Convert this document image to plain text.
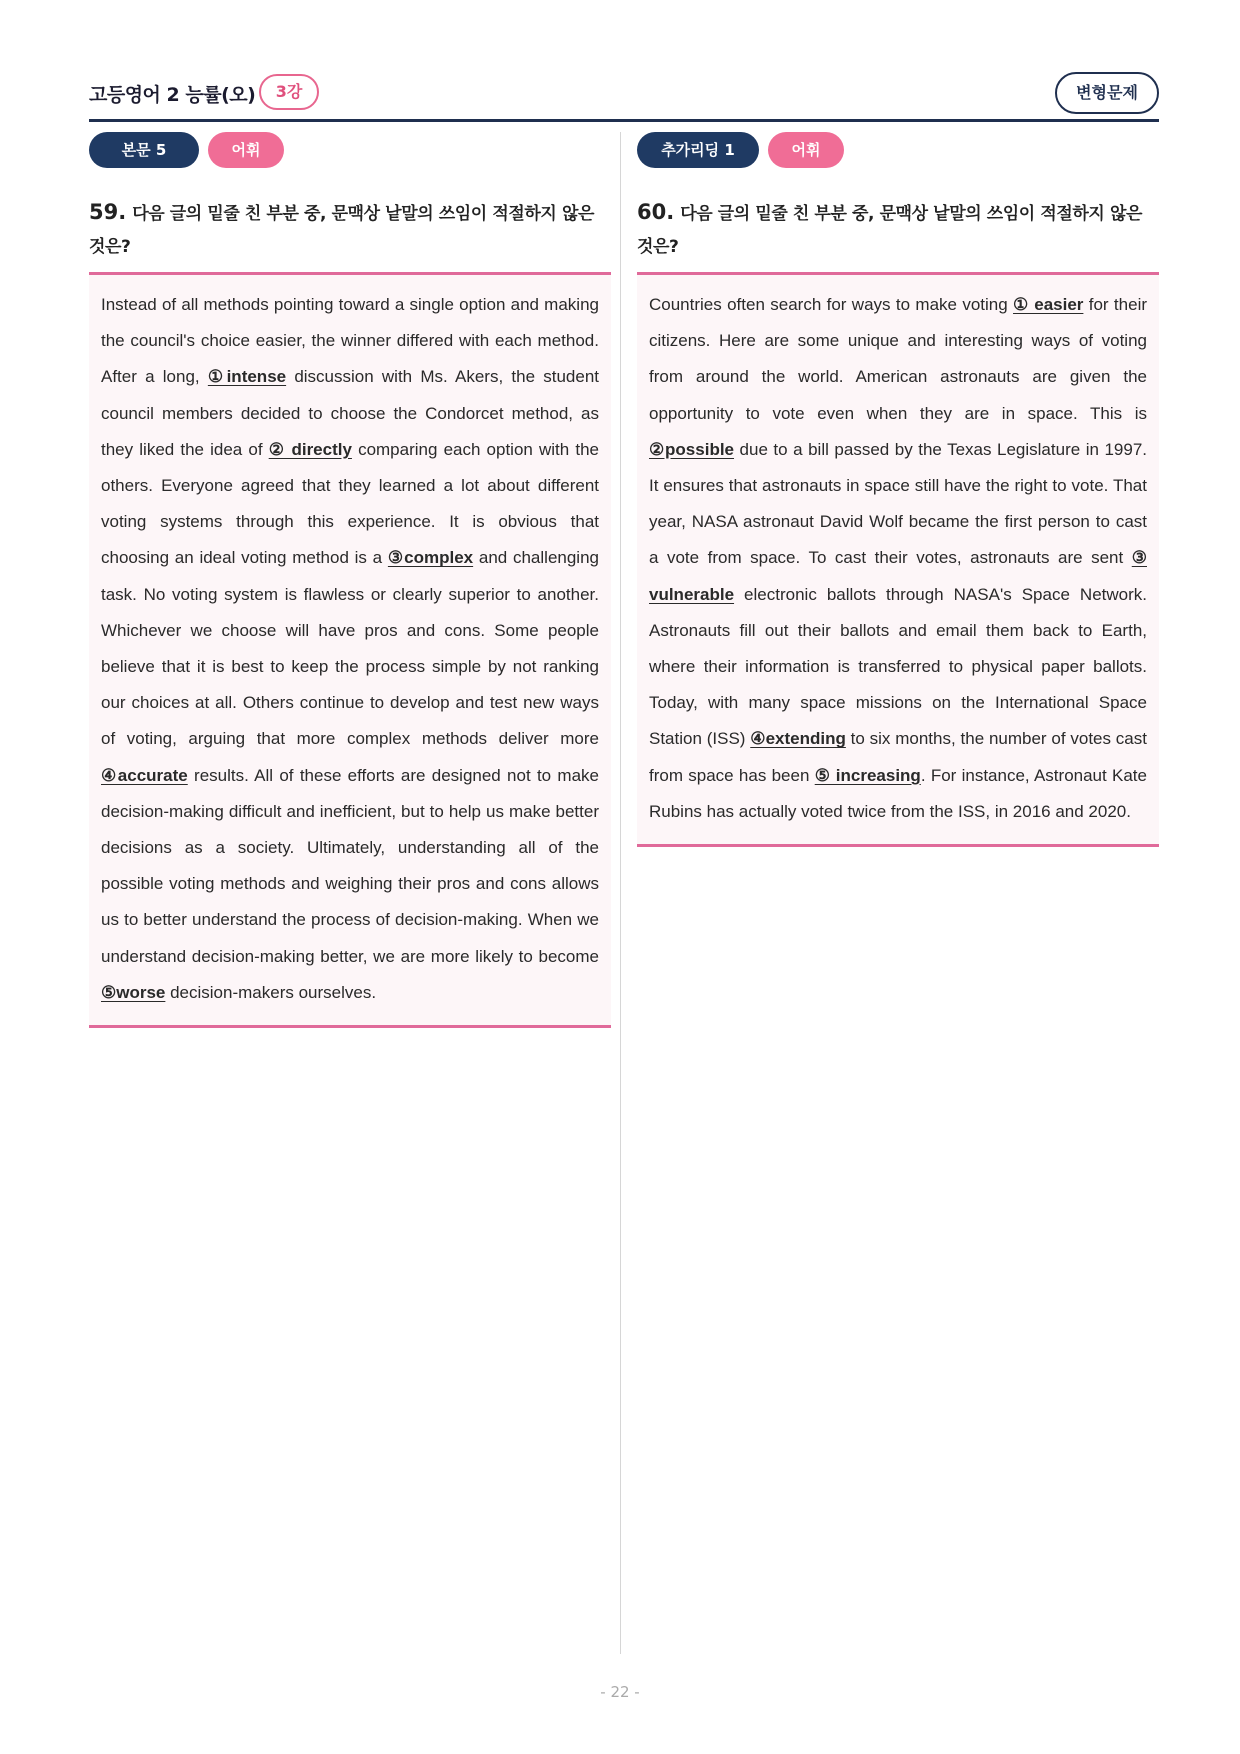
고등영어 2 능률(오)	3강	변형문제
본문 5	어휘
59. 다음 글의 밑줄 친 부분 중, 문맥상 낱말의 쓰임이 적절하지 않은 것은?

Instead of all methods pointing toward a single option and making the council's choice easier, the winner differed with each method. After a long, ①intense discussion with Ms. Akers, the student council members decided to choose the Condorcet method, as they liked the idea of ② directly comparing each option with the others. Everyone agreed that they learned a lot about different voting systems through this experience. It is obvious that choosing an ideal voting method is a ③complex and challenging task. No voting system is flawless or clearly superior to another. Whichever we choose will have pros and cons. Some people believe that it is best to keep the process simple by not ranking our choices at all. Others continue to develop and test new ways of voting, arguing that more complex methods deliver more ④accurate results. All of these efforts are designed not to make decision-making difficult and inefficient, but to help us make better decisions as a society. Ultimately, understanding all of the possible voting methods and weighing their pros and cons allows us to better understand the process of decision-making. When we understand decision-making better, we are more likely to become ⑤worse decision-makers ourselves.

추가리딩 1	어휘
60. 다음 글의 밑줄 친 부분 중, 문맥상 낱말의 쓰임이 적절하지 않은 것은?

Countries often search for ways to make voting ① easier for their citizens. Here are some unique and interesting ways of voting from around the world. American astronauts are given the opportunity to vote even when they are in space. This is ②possible due to a bill passed by the Texas Legislature in 1997. It ensures that astronauts in space still have the right to vote. That year, NASA astronaut David Wolf became the first person to cast a vote from space. To cast their votes, astronauts are sent ③ vulnerable electronic ballots through NASA's Space Network. Astronauts fill out their ballots and email them back to Earth, where their information is transferred to physical paper ballots. Today, with many space missions on the International Space Station (ISS) ④extending to six months, the number of votes cast from space has been ⑤ increasing. For instance, Astronaut Kate Rubins has actually voted twice from the ISS, in 2016 and 2020.

- 22 -
